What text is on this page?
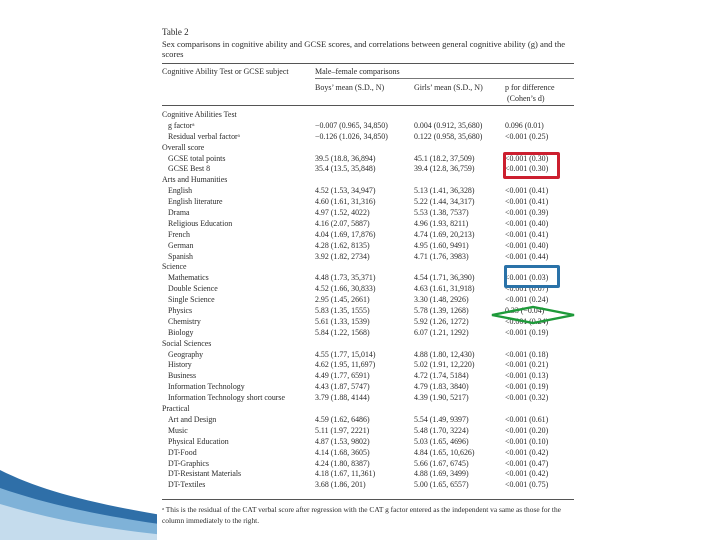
Table 2
Sex comparisons in cognitive ability and GCSE scores, and correlations between general cognitive ability (g) and the scores
Cognitive Ability Test or GCSE subject	Male–female comparisons
Boys’ mean (S.D., N)	Girls’ mean (S.D., N)	p for difference
(Cohen’s d)
Cognitive Abilities Test
g factorᵃ	−0.007 (0.965, 34,850)	0.004 (0.912, 35,680)	0.096 (0.01)
Residual verbal factorᵃ	−0.126 (1.026, 34,850)	0.122 (0.958, 35,680)	<0.001 (0.25)
Overall score
GCSE total points	39.5 (18.8, 36,894)	45.1 (18.2, 37,509)	<0.001 (0.30)
GCSE Best 8	35.4 (13.5, 35,848)	39.4 (12.8, 36,759)	<0.001 (0.30)
Arts and Humanities
English	4.52 (1.53, 34,947)	5.13 (1.41, 36,328)	<0.001 (0.41)
English literature	4.60 (1.61, 31,316)	5.22 (1.44, 34,317)	<0.001 (0.41)
Drama	4.97 (1.52, 4022)	5.53 (1.38, 7537)	<0.001 (0.39)
Religious Education	4.16 (2.07, 5887)	4.96 (1.93, 8211)	<0.001 (0.40)
French	4.04 (1.69, 17,876)	4.74 (1.69, 20,213)	<0.001 (0.41)
German	4.28 (1.62, 8135)	4.95 (1.60, 9491)	<0.001 (0.40)
Spanish	3.92 (1.82, 2734)	4.71 (1.76, 3983)	<0.001 (0.44)
Science
Mathematics	4.48 (1.73, 35,371)	4.54 (1.71, 36,390)	<0.001 (0.03)
Double Science	4.52 (1.66, 30,833)	4.63 (1.61, 31,918)	<0.001 (0.07)
Single Science	2.95 (1.45, 2661)	3.30 (1.48, 2926)	<0.001 (0.24)
Physics	5.83 (1.35, 1555)	5.78 (1.39, 1268)	0.33 (−0.04)
Chemistry	5.61 (1.33, 1539)	5.92 (1.26, 1272)	<0.001 (0.24)
Biology	5.84 (1.22, 1568)	6.07 (1.21, 1292)	<0.001 (0.19)
Social Sciences
Geography	4.55 (1.77, 15,014)	4.88 (1.80, 12,430)	<0.001 (0.18)
History	4.62 (1.95, 11,697)	5.02 (1.91, 12,220)	<0.001 (0.21)
Business	4.49 (1.77, 6591)	4.72 (1.74, 5184)	<0.001 (0.13)
Information Technology	4.43 (1.87, 5747)	4.79 (1.83, 3840)	<0.001 (0.19)
Information Technology short course	3.79 (1.88, 4144)	4.39 (1.90, 5217)	<0.001 (0.32)
Practical
Art and Design	4.59 (1.62, 6486)	5.54 (1.49, 9397)	<0.001 (0.61)
Music	5.11 (1.97, 2221)	5.48 (1.70, 3224)	<0.001 (0.20)
Physical Education	4.87 (1.53, 9802)	5.03 (1.65, 4696)	<0.001 (0.10)
DT-Food	4.14 (1.68, 3605)	4.84 (1.65, 10,626)	<0.001 (0.42)
DT-Graphics	4.24 (1.80, 8387)	5.66 (1.67, 6745)	<0.001 (0.47)
DT-Resistant Materials	4.18 (1.67, 11,361)	4.88 (1.69, 3499)	<0.001 (0.42)
DT-Textiles	3.68 (1.86, 201)	5.00 (1.65, 6557)	<0.001 (0.75)
ᵃ This is the residual of the CAT verbal score after regression with the CAT g factor entered as the independent va same as those for the column immediately to the right.
